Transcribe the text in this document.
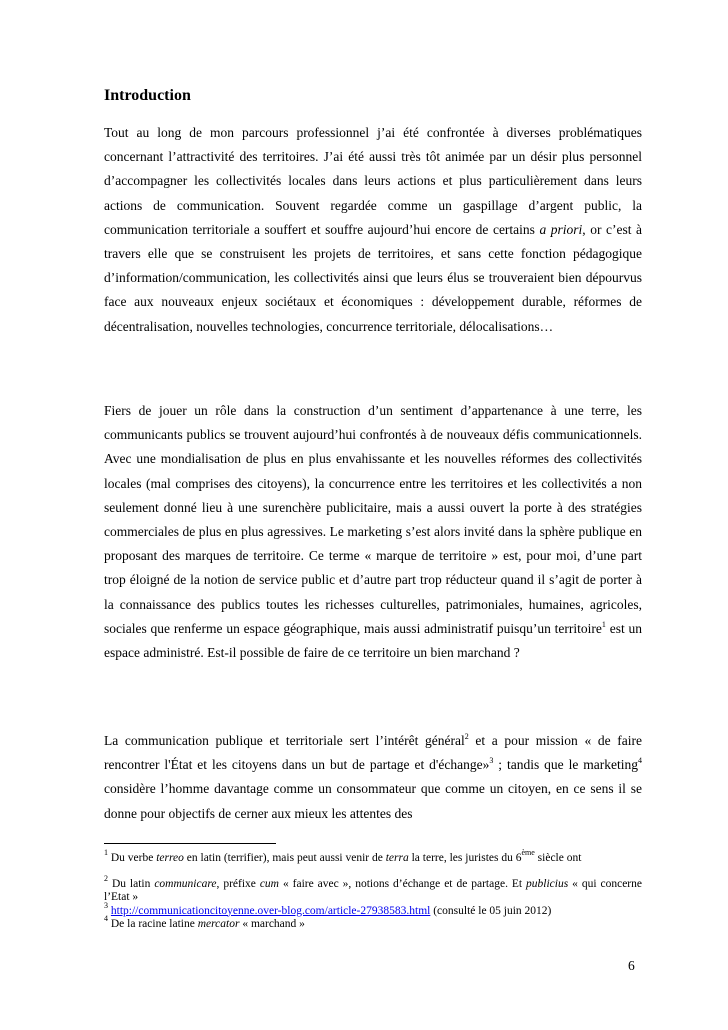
Introduction

Tout au long de mon parcours professionnel j’ai été confrontée à diverses problématiques concernant l’attractivité des territoires. J’ai été aussi très tôt animée par un désir plus personnel d’accompagner les collectivités locales dans leurs actions et plus particulièrement dans leurs actions de communication. Souvent regardée comme un gaspillage d’argent public, la communication territoriale a souffert et souffre aujourd’hui encore de certains a priori, or c’est à travers elle que se construisent les projets de territoires, et sans cette fonction pédagogique d’information/communication, les collectivités ainsi que leurs élus se trouveraient bien dépourvus face aux nouveaux enjeux sociétaux et économiques : développement durable, réformes de décentralisation, nouvelles technologies, concurrence territoriale, délocalisations…

Fiers de jouer un rôle dans la construction d’un sentiment d’appartenance à une terre, les communicants publics se trouvent aujourd’hui confrontés à de nouveaux défis communicationnels. Avec une mondialisation de plus en plus envahissante et les nouvelles réformes des collectivités locales (mal comprises des citoyens), la concurrence entre les territoires et les collectivités a non seulement donné lieu à une surenchère publicitaire, mais a aussi ouvert la porte à des stratégies commerciales de plus en plus agressives. Le marketing s’est alors invité dans la sphère publique en proposant des marques de territoire. Ce terme « marque de territoire » est, pour moi, d’une part trop éloigné de la notion de service public et d’autre part trop réducteur quand il s’agit de porter à la connaissance des publics toutes les richesses culturelles, patrimoniales, humaines, agricoles, sociales que renferme un espace géographique, mais aussi administratif puisqu’un territoire$^1$ est un espace administré. Est-il possible de faire de ce territoire un bien marchand ?

La communication publique et territoriale sert l’intérêt général$^2$ et a pour mission « de faire rencontrer l'État et les citoyens dans un but de partage et d'échange»$^3$ ; tandis que le marketing$^4$ considère l’homme davantage comme un consommateur que comme un citoyen, en ce sens il se donne pour objectifs de cerner aux mieux les attentes des

$^1$ Du verbe terreo en latin (terrifier), mais peut aussi venir de terra la terre, les juristes du 6ème siècle ont

$^2$ Du latin communicare, préfixe cum « faire avec », notions d’échange et de partage. Et publicius « qui concerne l’Etat »

$^3$ http://communicationcitoyenne.over-blog.com/article-27938583.html (consulté le 05 juin 2012)

$^4$ De la racine latine mercator « marchand »

6
